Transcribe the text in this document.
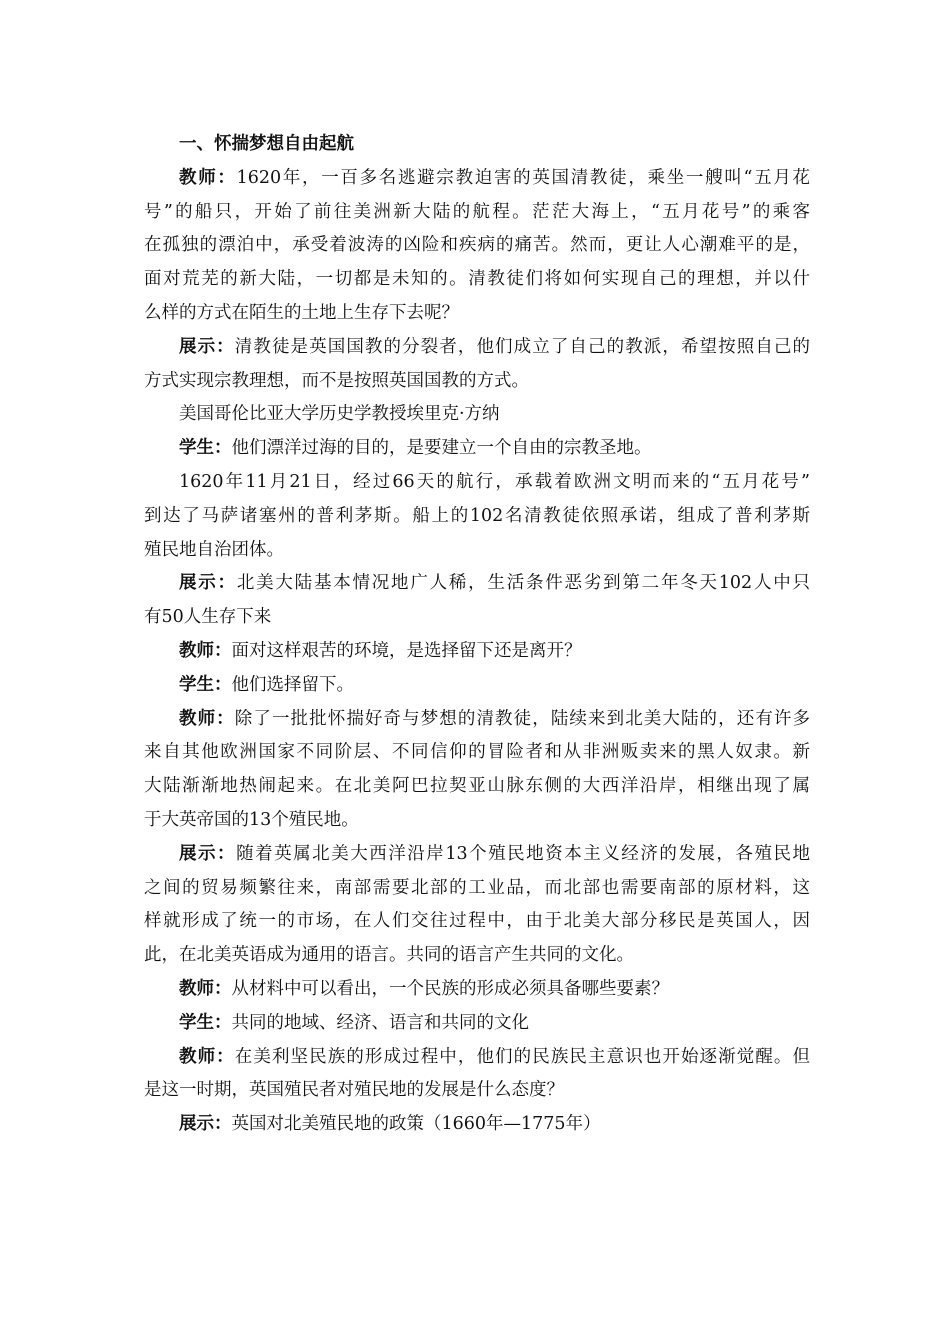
一、怀揣梦想自由起航
教师：1620年，一百多名逃避宗教迫害的英国清教徒，乘坐一艘叫“五月花
号”的船只，开始了前往美洲新大陆的航程。茫茫大海上，“五月花号”的乘客
在孤独的漂泊中，承受着波涛的凶险和疾病的痛苦。然而，更让人心潮难平的是，
面对荒芜的新大陆，一切都是未知的。清教徒们将如何实现自己的理想，并以什
么样的方式在陌生的土地上生存下去呢？
展示：清教徒是英国国教的分裂者，他们成立了自己的教派，希望按照自己的
方式实现宗教理想，而不是按照英国国教的方式。
美国哥伦比亚大学历史学教授埃里克·方纳
学生：他们漂洋过海的目的，是要建立一个自由的宗教圣地。
1620年11月21日，经过66天的航行，承载着欧洲文明而来的“五月花号”
到达了马萨诸塞州的普利茅斯。船上的102名清教徒依照承诺，组成了普利茅斯
殖民地自治团体。
展示：北美大陆基本情况地广人稀，生活条件恶劣到第二年冬天102人中只
有50人生存下来
教师：面对这样艰苦的环境，是选择留下还是离开？
学生：他们选择留下。
教师：除了一批批怀揣好奇与梦想的清教徒，陆续来到北美大陆的，还有许多
来自其他欧洲国家不同阶层、不同信仰的冒险者和从非洲贩卖来的黑人奴隶。新
大陆渐渐地热闹起来。在北美阿巴拉契亚山脉东侧的大西洋沿岸，相继出现了属
于大英帝国的13个殖民地。
展示：随着英属北美大西洋沿岸13个殖民地资本主义经济的发展，各殖民地
之间的贸易频繁往来，南部需要北部的工业品，而北部也需要南部的原材料，这
样就形成了统一的市场，在人们交往过程中，由于北美大部分移民是英国人，因
此，在北美英语成为通用的语言。共同的语言产生共同的文化。
教师：从材料中可以看出，一个民族的形成必须具备哪些要素？
学生：共同的地域、经济、语言和共同的文化
教师：在美利坚民族的形成过程中，他们的民族民主意识也开始逐渐觉醒。但
是这一时期，英国殖民者对殖民地的发展是什么态度？
展示：英国对北美殖民地的政策（1660年—1775年）
